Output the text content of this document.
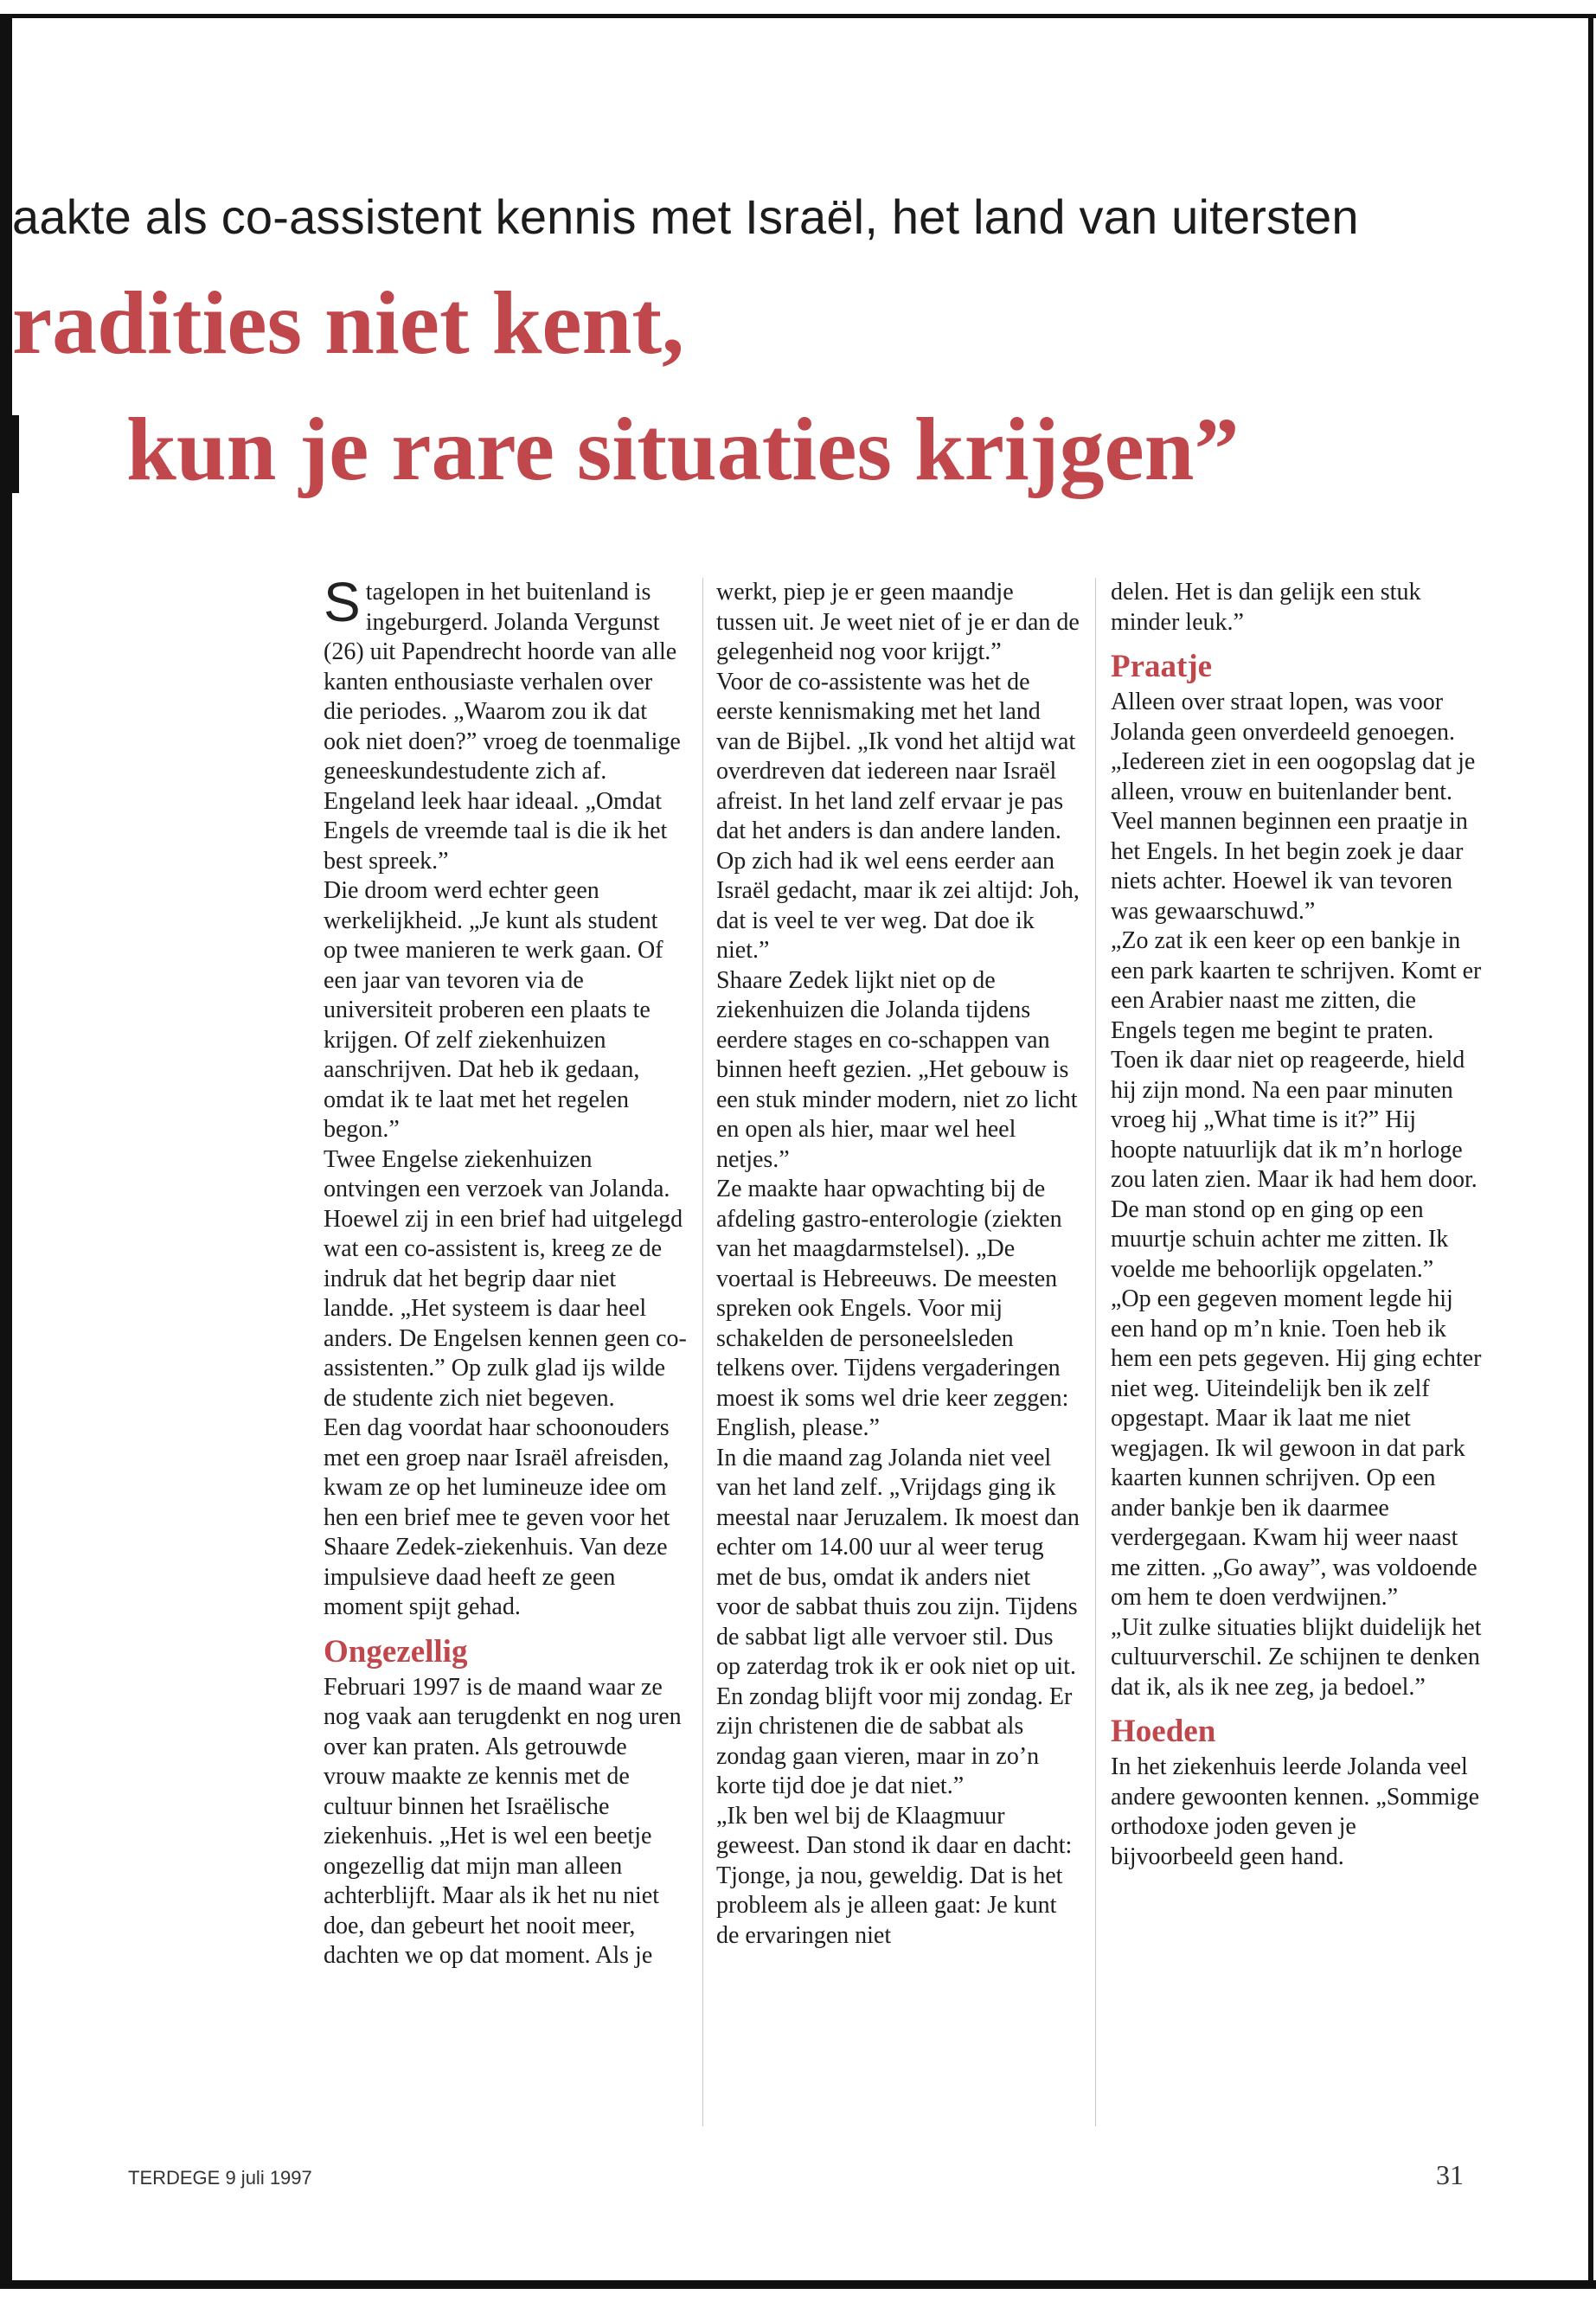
aakte als co-assistent kennis met Israël, het land van uitersten
radities niet kent,
kun je rare situaties krijgen”

Stagelopen in het buitenland is ingeburgerd. Jolanda Vergunst (26) uit Papendrecht hoorde van alle kanten enthousiaste verhalen over die periodes. „Waarom zou ik dat ook niet doen?” vroeg de toenmalige geneeskundestudente zich af. Engeland leek haar ideaal. „Omdat Engels de vreemde taal is die ik het best spreek.”

Die droom werd echter geen werkelijkheid. „Je kunt als student op twee manieren te werk gaan. Of een jaar van tevoren via de universiteit proberen een plaats te krijgen. Of zelf ziekenhuizen aanschrijven. Dat heb ik gedaan, omdat ik te laat met het regelen begon.”

Twee Engelse ziekenhuizen ontvingen een verzoek van Jolanda. Hoewel zij in een brief had uitgelegd wat een co-assistent is, kreeg ze de indruk dat het begrip daar niet landde. „Het systeem is daar heel anders. De Engelsen kennen geen co-assistenten.” Op zulk glad ijs wilde de studente zich niet begeven.

Een dag voordat haar schoonouders met een groep naar Israël afreisden, kwam ze op het lumineuze idee om hen een brief mee te geven voor het Shaare Zedek-ziekenhuis. Van deze impulsieve daad heeft ze geen moment spijt gehad.

Ongezellig

Februari 1997 is de maand waar ze nog vaak aan terugdenkt en nog uren over kan praten. Als getrouwde vrouw maakte ze kennis met de cultuur binnen het Israëlische ziekenhuis. „Het is wel een beetje ongezellig dat mijn man alleen achterblijft. Maar als ik het nu niet doe, dan gebeurt het nooit meer, dachten we op dat moment. Als je

werkt, piep je er geen maandje tussen uit. Je weet niet of je er dan de gelegenheid nog voor krijgt.”

Voor de co-assistente was het de eerste kennismaking met het land van de Bijbel. „Ik vond het altijd wat overdreven dat iedereen naar Israël afreist. In het land zelf ervaar je pas dat het anders is dan andere landen. Op zich had ik wel eens eerder aan Israël gedacht, maar ik zei altijd: Joh, dat is veel te ver weg. Dat doe ik niet.”

Shaare Zedek lijkt niet op de ziekenhuizen die Jolanda tijdens eerdere stages en co-schappen van binnen heeft gezien. „Het gebouw is een stuk minder modern, niet zo licht en open als hier, maar wel heel netjes.”

Ze maakte haar opwachting bij de afdeling gastro-enterologie (ziekten van het maagdarmstelsel). „De voertaal is Hebreeuws. De meesten spreken ook Engels. Voor mij schakelden de personeelsleden telkens over. Tijdens vergaderingen moest ik soms wel drie keer zeggen: English, please.”

In die maand zag Jolanda niet veel van het land zelf. „Vrijdags ging ik meestal naar Jeruzalem. Ik moest dan echter om 14.00 uur al weer terug met de bus, omdat ik anders niet voor de sabbat thuis zou zijn. Tijdens de sabbat ligt alle vervoer stil. Dus op zaterdag trok ik er ook niet op uit. En zondag blijft voor mij zondag. Er zijn christenen die de sabbat als zondag gaan vieren, maar in zo’n korte tijd doe je dat niet.”

„Ik ben wel bij de Klaagmuur geweest. Dan stond ik daar en dacht: Tjonge, ja nou, geweldig. Dat is het probleem als je alleen gaat: Je kunt de ervaringen niet

delen. Het is dan gelijk een stuk minder leuk.”

Praatje

Alleen over straat lopen, was voor Jolanda geen onverdeeld genoegen. „Iedereen ziet in een oogopslag dat je alleen, vrouw en buitenlander bent. Veel mannen beginnen een praatje in het Engels. In het begin zoek je daar niets achter. Hoewel ik van tevoren was gewaarschuwd.”

„Zo zat ik een keer op een bankje in een park kaarten te schrijven. Komt er een Arabier naast me zitten, die Engels tegen me begint te praten. Toen ik daar niet op reageerde, hield hij zijn mond. Na een paar minuten vroeg hij „What time is it?” Hij hoopte natuurlijk dat ik m’n horloge zou laten zien. Maar ik had hem door. De man stond op en ging op een muurtje schuin achter me zitten. Ik voelde me behoorlijk opgelaten.”

„Op een gegeven moment legde hij een hand op m’n knie. Toen heb ik hem een pets gegeven. Hij ging echter niet weg. Uiteindelijk ben ik zelf opgestapt. Maar ik laat me niet wegjagen. Ik wil gewoon in dat park kaarten kunnen schrijven. Op een ander bankje ben ik daarmee verdergegaan. Kwam hij weer naast me zitten. „Go away”, was voldoende om hem te doen verdwijnen.”

„Uit zulke situaties blijkt duidelijk het cultuurverschil. Ze schijnen te denken dat ik, als ik nee zeg, ja bedoel.”

Hoeden

In het ziekenhuis leerde Jolanda veel andere gewoonten kennen. „Sommige orthodoxe joden geven je bijvoorbeeld geen hand.

TERDEGE 9 juli 1997	31
